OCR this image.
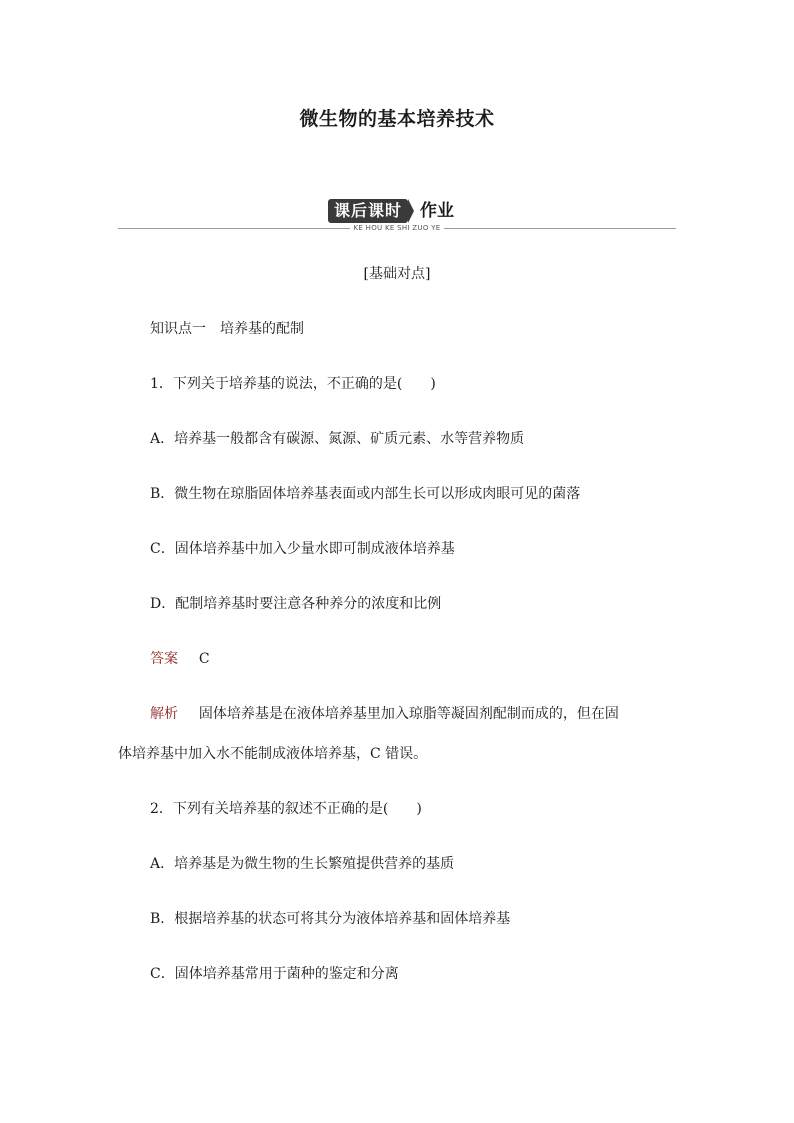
微生物的基本培养技术
KE HOU KE SHI ZUO YE
课后课时	作业
[基础对点]
知识点一　培养基的配制
1．下列关于培养基的说法，不正确的是(　　)
A．培养基一般都含有碳源、氮源、矿质元素、水等营养物质
B．微生物在琼脂固体培养基表面或内部生长可以形成肉眼可见的菌落
C．固体培养基中加入少量水即可制成液体培养基
D．配制培养基时要注意各种养分的浓度和比例
答案 C
解析 固体培养基是在液体培养基里加入琼脂等凝固剂配制而成的，但在固
体培养基中加入水不能制成液体培养基，C 错误。
2．下列有关培养基的叙述不正确的是(　　)
A．培养基是为微生物的生长繁殖提供营养的基质
B．根据培养基的状态可将其分为液体培养基和固体培养基
C．固体培养基常用于菌种的鉴定和分离
